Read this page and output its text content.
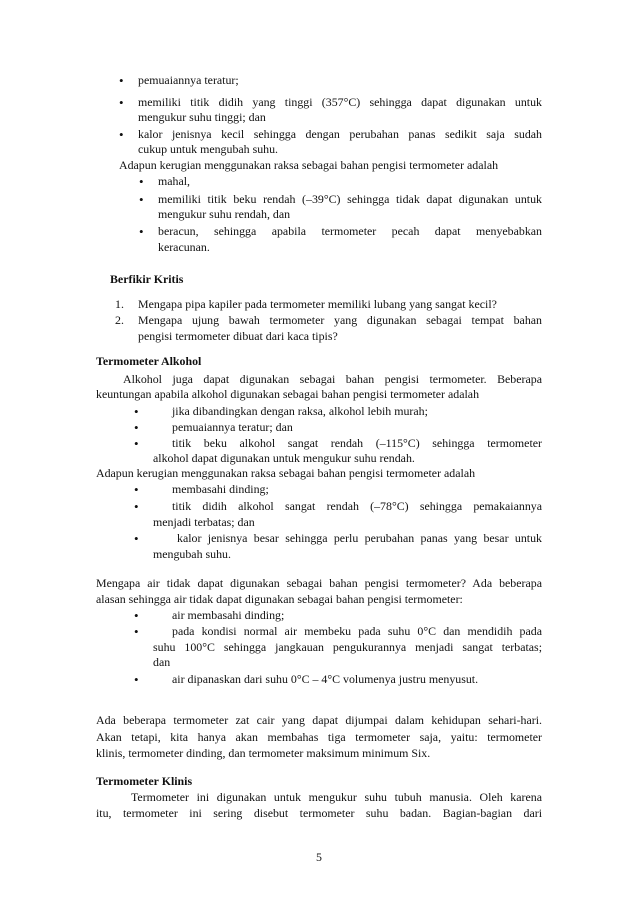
• pemuaiannya teratur;
• memiliki titik didih yang tinggi (357°C) sehingga dapat digunakan untuk
mengukur suhu tinggi; dan
• kalor jenisnya kecil sehingga dengan perubahan panas sedikit saja sudah
cukup untuk mengubah suhu.
Adapun kerugian menggunakan raksa sebagai bahan pengisi termometer adalah
• mahal,
• memiliki titik beku rendah (–39°C) sehingga tidak dapat digunakan untuk
mengukur suhu rendah, dan
• beracun, sehingga apabila termometer pecah dapat menyebabkan
keracunan.
Berfikir Kritis
1. Mengapa pipa kapiler pada termometer memiliki lubang yang sangat kecil?
2. Mengapa ujung bawah termometer yang digunakan sebagai tempat bahan
pengisi termometer dibuat dari kaca tipis?
Termometer Alkohol
Alkohol juga dapat digunakan sebagai bahan pengisi termometer. Beberapa
keuntungan apabila alkohol digunakan sebagai bahan pengisi termometer adalah
•	jika dibandingkan dengan raksa, alkohol lebih murah;
•	pemuaiannya teratur; dan
•	titik beku alkohol sangat rendah (–115°C) sehingga termometer
alkohol dapat digunakan untuk mengukur suhu rendah.
Adapun kerugian menggunakan raksa sebagai bahan pengisi termometer adalah
•	membasahi dinding;
•	titik didih alkohol sangat rendah (–78°C) sehingga pemakaiannya
menjadi terbatas; dan
•	kalor jenisnya besar sehingga perlu perubahan panas yang besar untuk
mengubah suhu.
Mengapa air tidak dapat digunakan sebagai bahan pengisi termometer? Ada beberapa
alasan sehingga air tidak dapat digunakan sebagai bahan pengisi termometer:
•	air membasahi dinding;
•	pada kondisi normal air membeku pada suhu 0°C dan mendidih pada
suhu 100°C sehingga jangkauan pengukurannya menjadi sangat terbatas;
dan
•	air dipanaskan dari suhu 0°C – 4°C volumenya justru menyusut.
Ada beberapa termometer zat cair yang dapat dijumpai dalam kehidupan sehari-hari.
Akan tetapi, kita hanya akan membahas tiga termometer saja, yaitu: termometer
klinis, termometer dinding, dan termometer maksimum minimum Six.
Termometer Klinis
Termometer ini digunakan untuk mengukur suhu tubuh manusia. Oleh karena
itu, termometer ini sering disebut termometer suhu badan. Bagian-bagian dari
5
